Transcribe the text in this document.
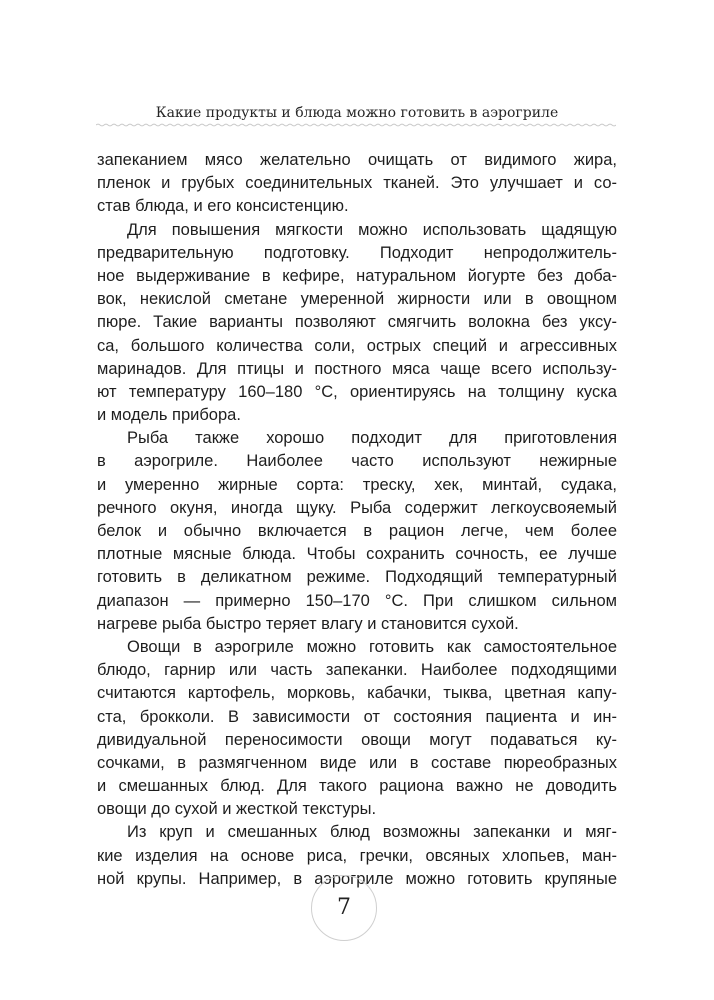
Какие продукты и блюда можно готовить в аэрогриле
запеканием мясо желательно очищать от видимого жира,
пленок и грубых соединительных тканей. Это улучшает и со-
став блюда, и его консистенцию.
Для повышения мягкости можно использовать щадящую
предварительную подготовку. Подходит непродолжитель-
ное выдерживание в кефире, натуральном йогурте без доба-
вок, некислой сметане умеренной жирности или в овощном
пюре. Такие варианты позволяют смягчить волокна без уксу-
са, большого количества соли, острых специй и агрессивных
маринадов. Для птицы и постного мяса чаще всего использу-
ют температуру 160–180 °C, ориентируясь на толщину куска
и модель прибора.
Рыба также хорошо подходит для приготовления
в аэрогриле. Наиболее часто используют нежирные
и умеренно жирные сорта: треску, хек, минтай, судака,
речного окуня, иногда щуку. Рыба содержит легкоусвояемый
белок и обычно включается в рацион легче, чем более
плотные мясные блюда. Чтобы сохранить сочность, ее лучше
готовить в деликатном режиме. Подходящий температурный
диапазон — примерно 150–170 °C. При слишком сильном
нагреве рыба быстро теряет влагу и становится сухой.
Овощи в аэрогриле можно готовить как самостоятельное
блюдо, гарнир или часть запеканки. Наиболее подходящими
считаются картофель, морковь, кабачки, тыква, цветная капу-
ста, брокколи. В зависимости от состояния пациента и ин-
дивидуальной переносимости овощи могут подаваться ку-
сочками, в размягченном виде или в составе пюреобразных
и смешанных блюд. Для такого рациона важно не доводить
овощи до сухой и жесткой текстуры.
Из круп и смешанных блюд возможны запеканки и мяг-
кие изделия на основе риса, гречки, овсяных хлопьев, ман-
ной крупы. Например, в аэрогриле можно готовить крупяные
7
